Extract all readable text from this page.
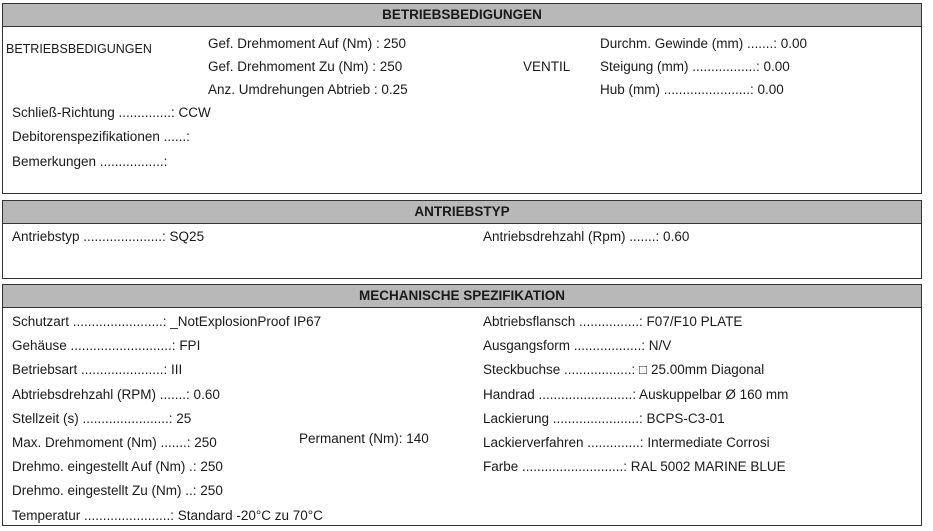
BETRIEBSBEDIGUNGEN
BETRIEBSBEDIGUNGEN	Gef. Drehmoment Auf (Nm) : 250
Gef. Drehmoment Zu (Nm) : 250
Anz. Umdrehungen Abtrieb : 0.25
VENTIL
Durchm. Gewinde (mm) .......: 0.00
Steigung (mm) .................: 0.00
Hub (mm) .......................: 0.00
Schließ-Richtung ..............: CCW
Debitorenspezifikationen ......:
Bemerkungen .................:
ANTRIEBSTYP
Antriebstyp .....................: SQ25	Antriebsdrehzahl (Rpm) .......: 0.60
MECHANISCHE SPEZIFIKATION
Permanent (Nm): 140
Schutzart ........................: _NotExplosionProof IP67
Gehäuse ...........................: FPI
Betriebsart ......................: III
Abtriebsdrehzahl (RPM) .......: 0.60
Stellzeit (s) .......................: 25
Max. Drehmoment (Nm) .......: 250
Drehmo. eingestellt Auf (Nm) .: 250
Drehmo. eingestellt Zu (Nm) ..: 250
Temperatur .......................: Standard -20°C zu 70°C
Abtriebsflansch ................: F07/F10 PLATE
Ausgangsform ..................: N/V
Steckbuchse ..................: □ 25.00mm Diagonal
Handrad .........................: Auskuppelbar Ø 160 mm
Lackierung .......................: BCPS-C3-01
Lackierverfahren ..............: Intermediate Corrosi
Farbe ...........................: RAL 5002 MARINE BLUE
